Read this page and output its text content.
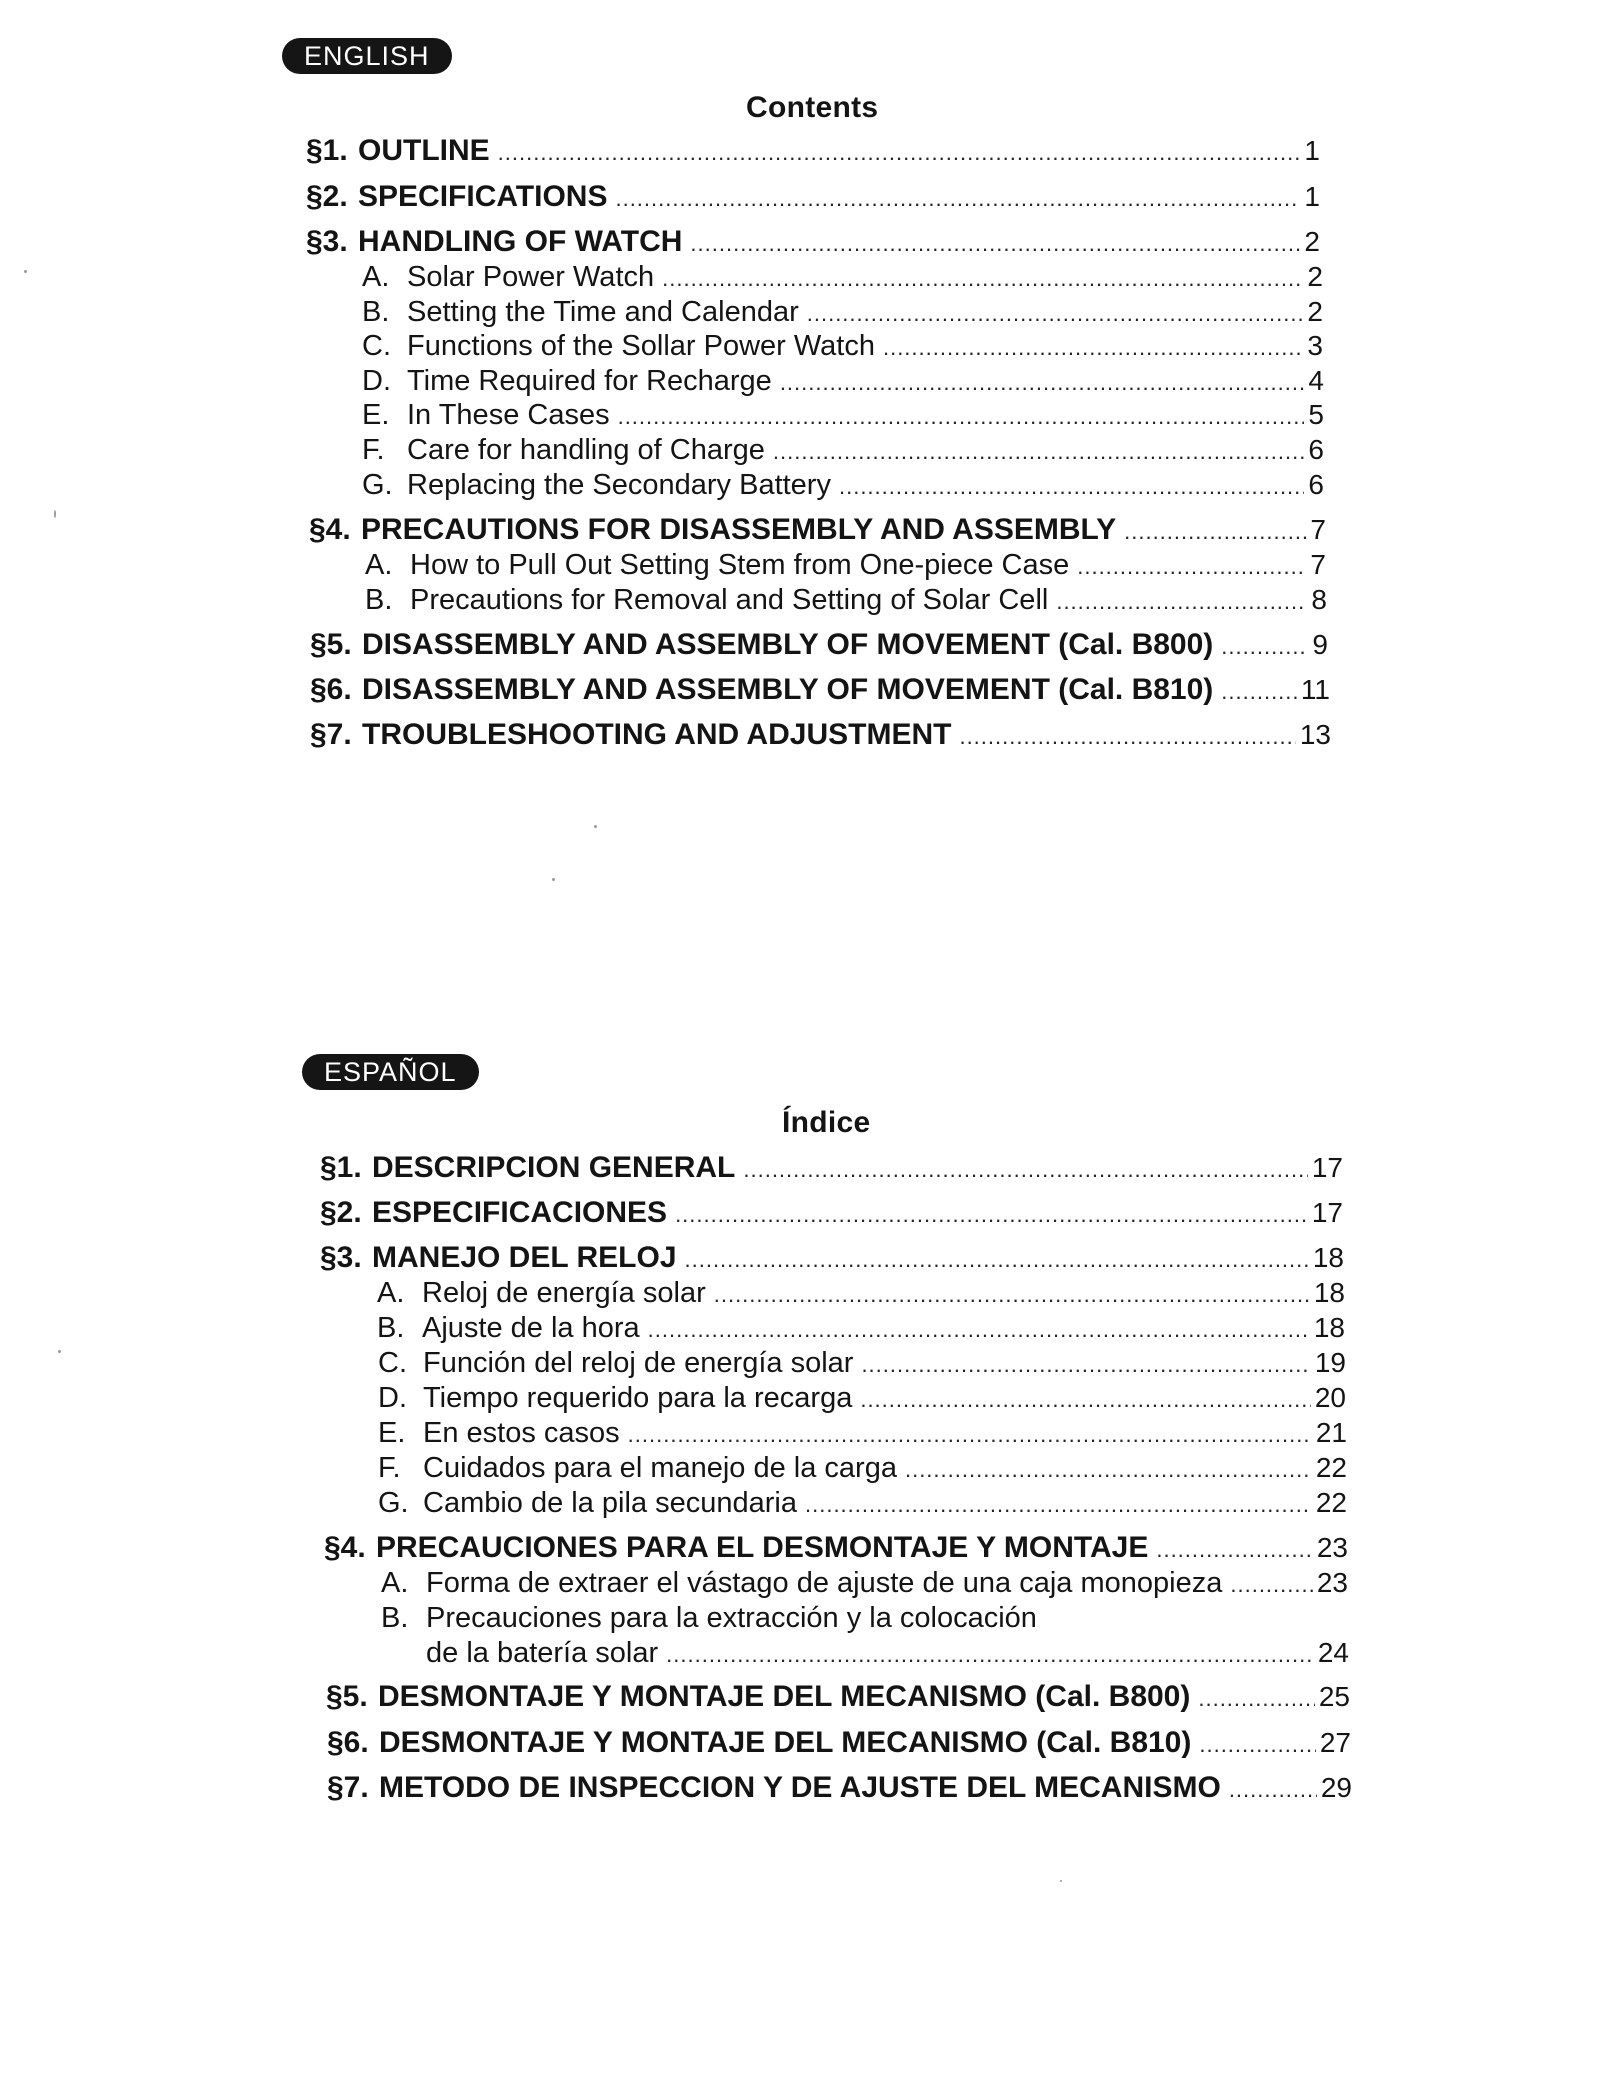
ENGLISH
Contents
§1. OUTLINE .....	1
§2. SPECIFICATIONS .....	1
§3. HANDLING OF WATCH .....	2
A. Solar Power Watch .....	2
B. Setting the Time and Calendar .....	2
C. Functions of the Sollar Power Watch .....	3
D. Time Required for Recharge .....	4
E. In These Cases .....	5
F. Care for handling of Charge .....	6
G. Replacing the Secondary Battery .....	6
§4. PRECAUTIONS FOR DISASSEMBLY AND ASSEMBLY .....	7
A. How to Pull Out Setting Stem from One-piece Case .....	7
B. Precautions for Removal and Setting of Solar Cell .....	8
§5. DISASSEMBLY AND ASSEMBLY OF MOVEMENT (Cal. B800) .....	9
§6. DISASSEMBLY AND ASSEMBLY OF MOVEMENT (Cal. B810) .....	11
§7. TROUBLESHOOTING AND ADJUSTMENT .....	13
ESPAÑOL
Índice
§1. DESCRIPCION GENERAL .....	17
§2. ESPECIFICACIONES .....	17
§3. MANEJO DEL RELOJ .....	18
A. Reloj de energía solar .....	18
B. Ajuste de la hora .....	18
C. Función del reloj de energía solar .....	19
D. Tiempo requerido para la recarga .....	20
E. En estos casos .....	21
F. Cuidados para el manejo de la carga .....	22
G. Cambio de la pila secundaria .....	22
§4. PRECAUCIONES PARA EL DESMONTAJE Y MONTAJE .....	23
A. Forma de extraer el vástago de ajuste de una caja monopieza .....	23
B. Precauciones para la extracción y la colocación
de la batería solar .....	24
§5. DESMONTAJE Y MONTAJE DEL MECANISMO (Cal. B800) .....	25
§6. DESMONTAJE Y MONTAJE DEL MECANISMO (Cal. B810) .....	27
§7. METODO DE INSPECCION Y DE AJUSTE DEL MECANISMO .....	29
